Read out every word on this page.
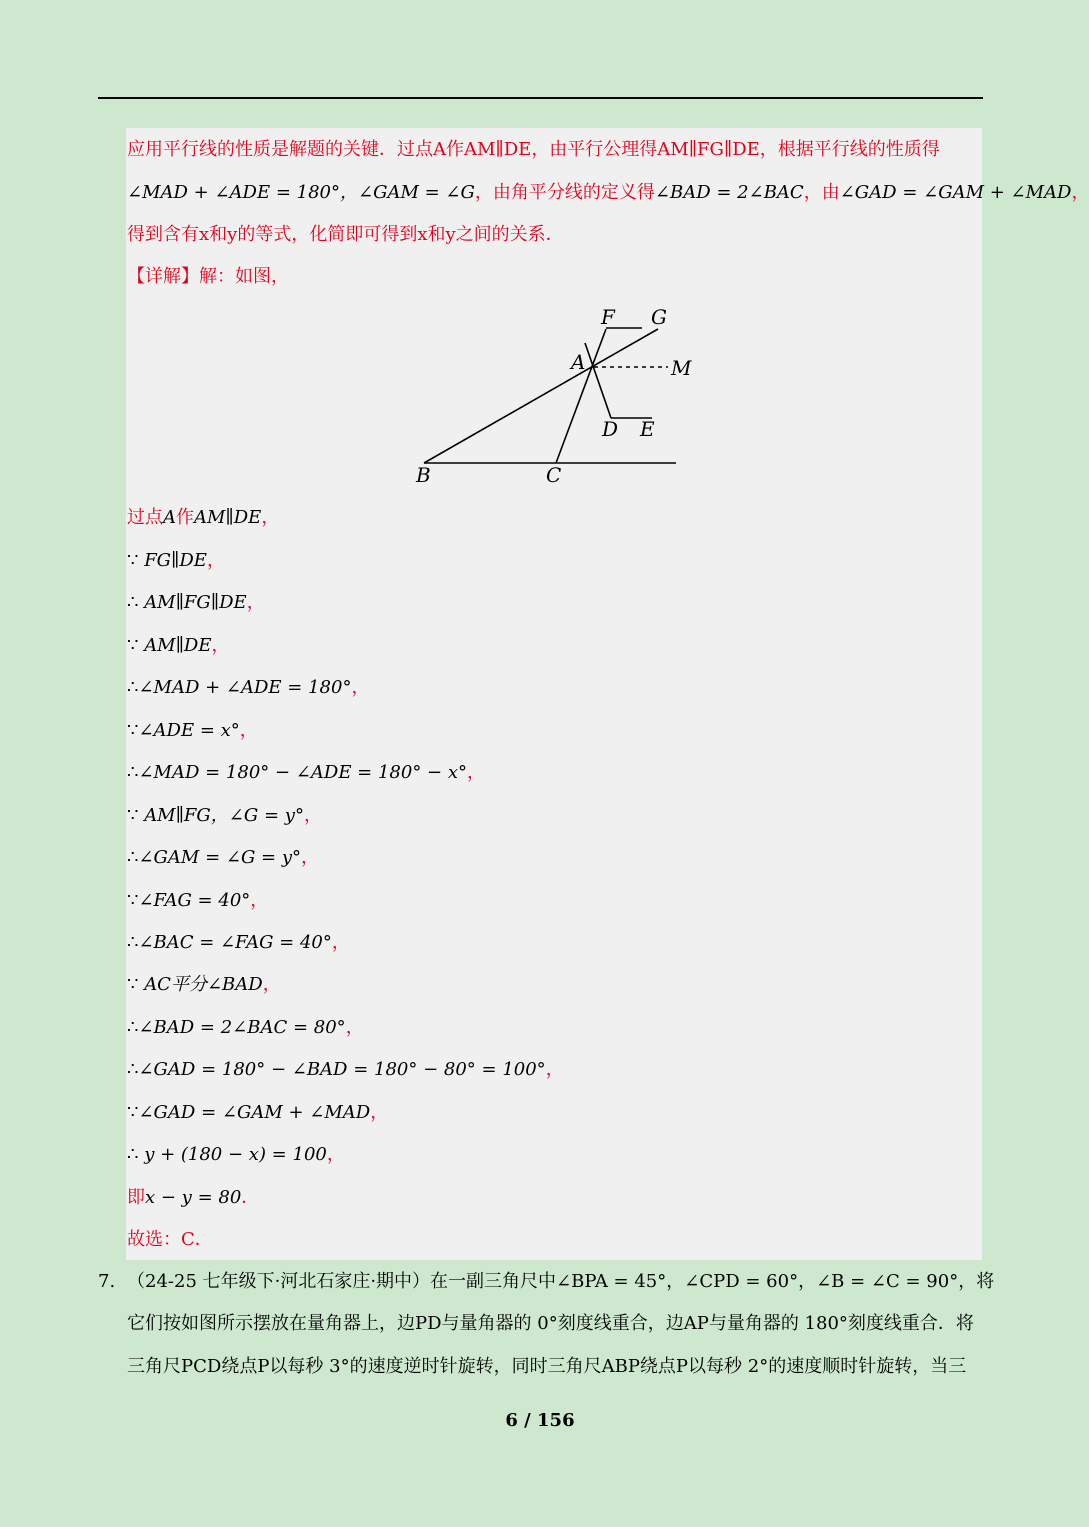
应用平行线的性质是解题的关键．过点A作AM∥DE，由平行公理得AM∥FG∥DE，根据平行线的性质得
∠MAD + ∠ADE = 180°，∠GAM = ∠G，由角平分线的定义得∠BAD = 2∠BAC，由∠GAD = ∠GAM + ∠MAD，
得到含有x和y的等式，化简即可得到x和y之间的关系．
【详解】解：如图，
F G
A	M
D E
B	C
过点A作AM∥DE，
∵ FG∥DE，
∴ AM∥FG∥DE，
∵ AM∥DE，
∴∠MAD + ∠ADE = 180°，
∵∠ADE = x°，
∴∠MAD = 180° − ∠ADE = 180° − x°，
∵ AM∥FG，∠G = y°，
∴∠GAM = ∠G = y°，
∵∠FAG = 40°，
∴∠BAC = ∠FAG = 40°，
∵ AC平分∠BAD，
∴∠BAD = 2∠BAC = 80°，
∴∠GAD = 180° − ∠BAD = 180° − 80° = 100°，
∵∠GAD = ∠GAM + ∠MAD，
∴ y + (180 − x) = 100，
即x − y = 80．
故选：C．
7. （24-25 七年级下·河北石家庄·期中）在一副三角尺中∠BPA = 45°，∠CPD = 60°，∠B = ∠C = 90°，将
它们按如图所示摆放在量角器上，边PD与量角器的 0°刻度线重合，边AP与量角器的 180°刻度线重合．将
三角尺PCD绕点P以每秒 3°的速度逆时针旋转，同时三角尺ABP绕点P以每秒 2°的速度顺时针旋转，当三
6 / 156
